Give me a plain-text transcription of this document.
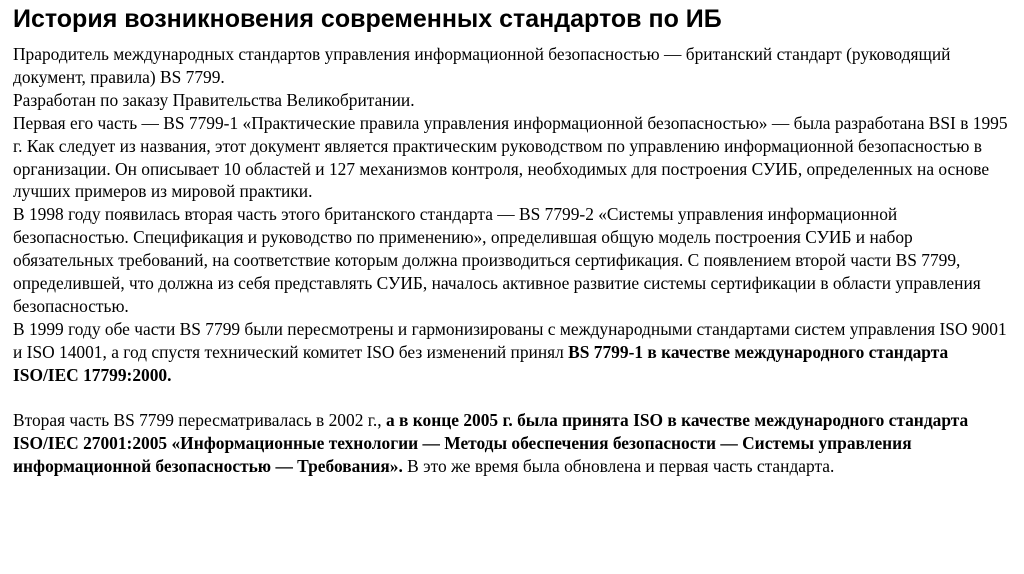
История возникновения современных стандартов по ИБ

Прародитель международных стандартов управления информационной безопасностью — британский стандарт (руководящий документ, правила) BS 7799.

Разработан по заказу Правительства Великобритании.

Первая его часть — BS 7799-1 «Практические правила управления информационной безопасностью» — была разработана BSI в 1995 г. Как следует из названия, этот документ является практическим руководством по управлению информационной безопасностью в организации. Он описывает 10 областей и 127 механизмов контроля, необходимых для построения СУИБ, определенных на основе лучших примеров из мировой практики.

В 1998 году появилась вторая часть этого британского стандарта — BS 7799-2 «Системы управления информационной безопасностью. Спецификация и руководство по применению», определившая общую модель построения СУИБ и набор обязательных требований, на соответствие которым должна производиться сертификация. С появлением второй части BS 7799, определившей, что должна из себя представлять СУИБ, началось активное развитие системы сертификации в области управления безопасностью.

В 1999 году обе части BS 7799 были пересмотрены и гармонизированы с международными стандартами систем управления ISO 9001 и ISO 14001, а год спустя технический комитет ISO без изменений принял BS 7799-1 в качестве международного стандарта ISO/IEC 17799:2000.

Вторая часть BS 7799 пересматривалась в 2002 г., а в конце 2005 г. была принята ISO в качестве международного стандарта ISO/IEC 27001:2005 «Информационные технологии — Методы обеспечения безопасности — Системы управления информационной безопасностью — Требования». В это же время была обновлена и первая часть стандарта.
